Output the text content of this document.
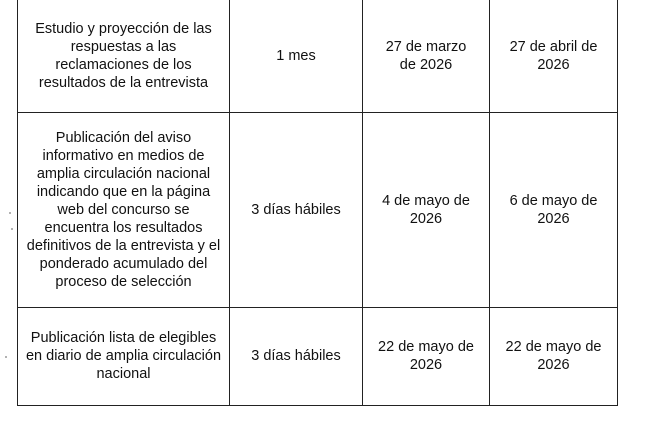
Estudio y proyección de las respuestas a las reclamaciones de los resultados de la entrevista	1 mes	27 de marzo de 2026	27 de abril de 2026

Publicación del aviso informativo en medios de amplia circulación nacional indicando que en la página web del concurso se encuentra los resultados definitivos de la entrevista y el ponderado acumulado del proceso de selección	3 días hábiles	4 de mayo de 2026	6 de mayo de 2026

Publicación lista de elegibles en diario de amplia circulación nacional	3 días hábiles	22 de mayo de 2026	22 de mayo de 2026
